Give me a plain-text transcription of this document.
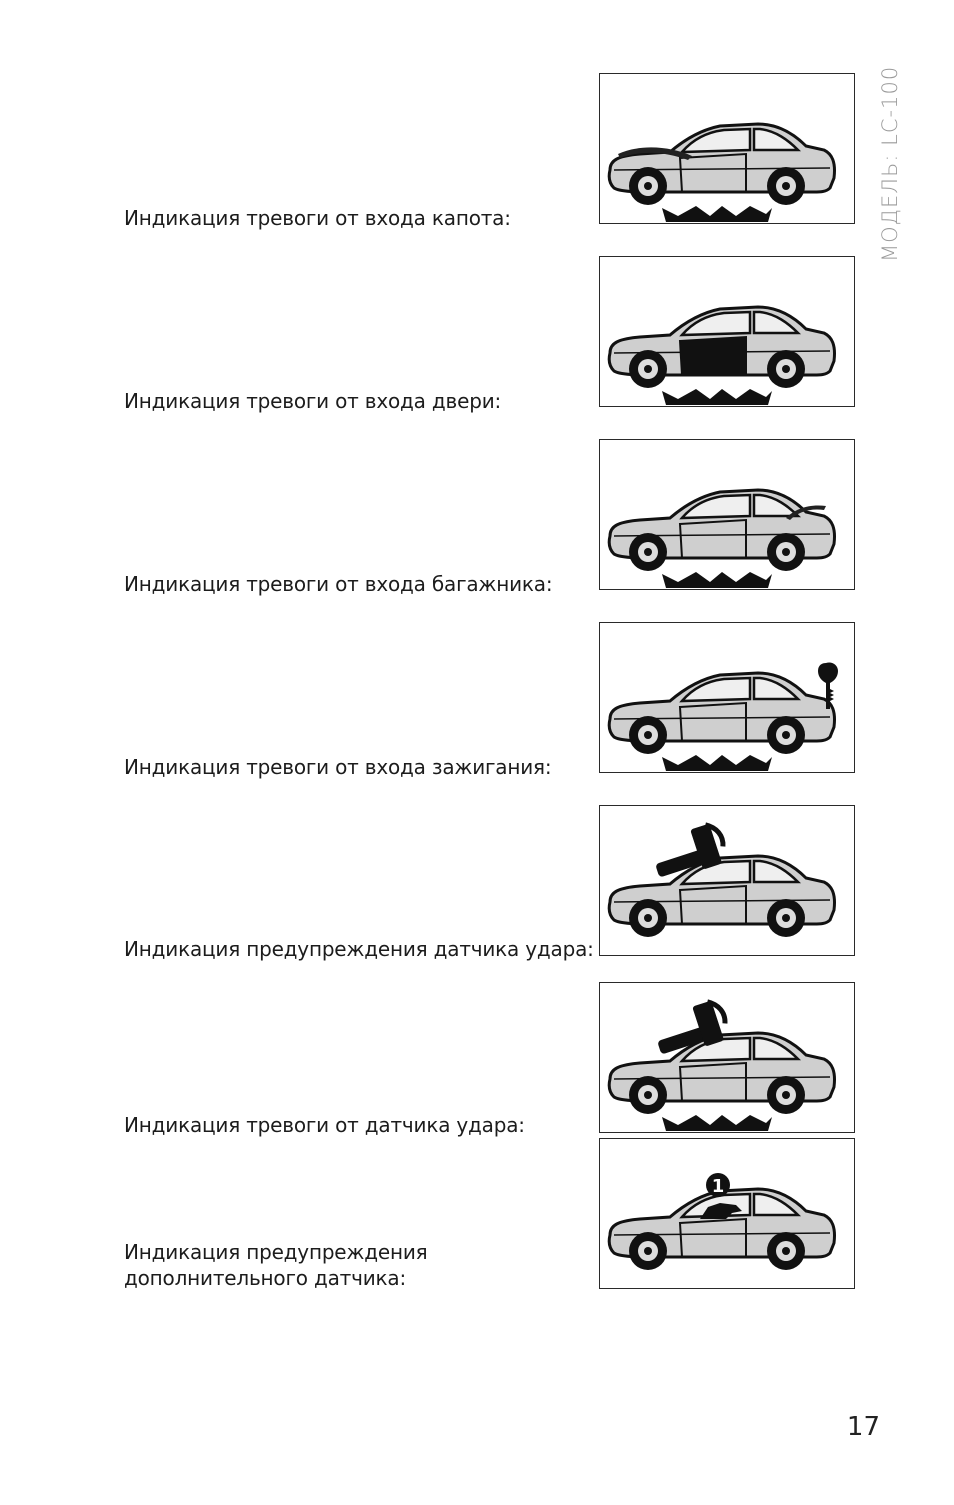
МОДЕЛЬ: LC-100
Индикация тревоги от входа капота:
Индикация тревоги от входа двери:
Индикация тревоги от входа багажника:
Индикация тревоги от входа зажигания:
Индикация предупреждения датчика удара:
Индикация тревоги от датчика удара:
Индикация предупреждения
дополнительного датчика:
1
17
